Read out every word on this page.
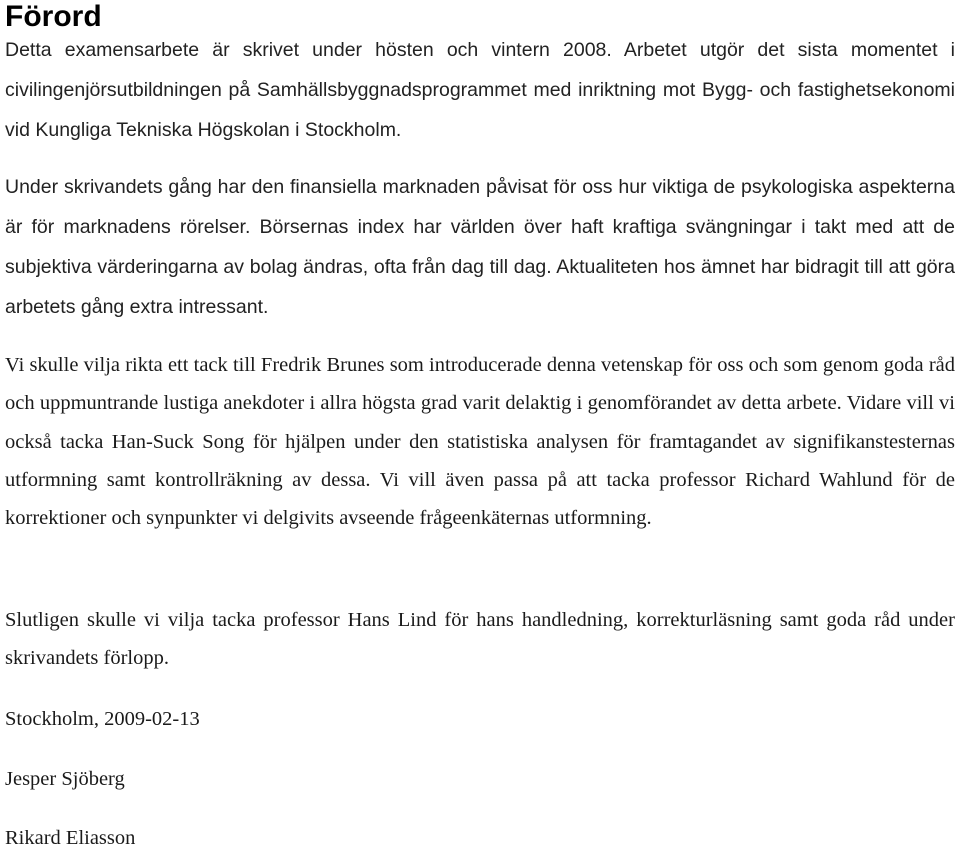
Förord

Detta examensarbete är skrivet under hösten och vintern 2008. Arbetet utgör det sista momentet i civilingenjörsutbildningen på Samhällsbyggnadsprogrammet med inriktning mot Bygg- och fastighetsekonomi vid Kungliga Tekniska Högskolan i Stockholm.

Under skrivandets gång har den finansiella marknaden påvisat för oss hur viktiga de psykologiska aspekterna är för marknadens rörelser. Börsernas index har världen över haft kraftiga svängningar i takt med att de subjektiva värderingarna av bolag ändras, ofta från dag till dag. Aktualiteten hos ämnet har bidragit till att göra arbetets gång extra intressant.

Vi skulle vilja rikta ett tack till Fredrik Brunes som introducerade denna vetenskap för oss och som genom goda råd och uppmuntrande lustiga anekdoter i allra högsta grad varit delaktig i genomförandet av detta arbete. Vidare vill vi också tacka Han-Suck Song för hjälpen under den statistiska analysen för framtagandet av signifikanstesternas utformning samt kontrollräkning av dessa. Vi vill även passa på att tacka professor Richard Wahlund för de korrektioner och synpunkter vi delgivits avseende frågeenkäternas utformning.

Slutligen skulle vi vilja tacka professor Hans Lind för hans handledning, korrekturläsning samt goda råd under skrivandets förlopp.

Stockholm, 2009-02-13

Jesper Sjöberg

Rikard Eliasson
